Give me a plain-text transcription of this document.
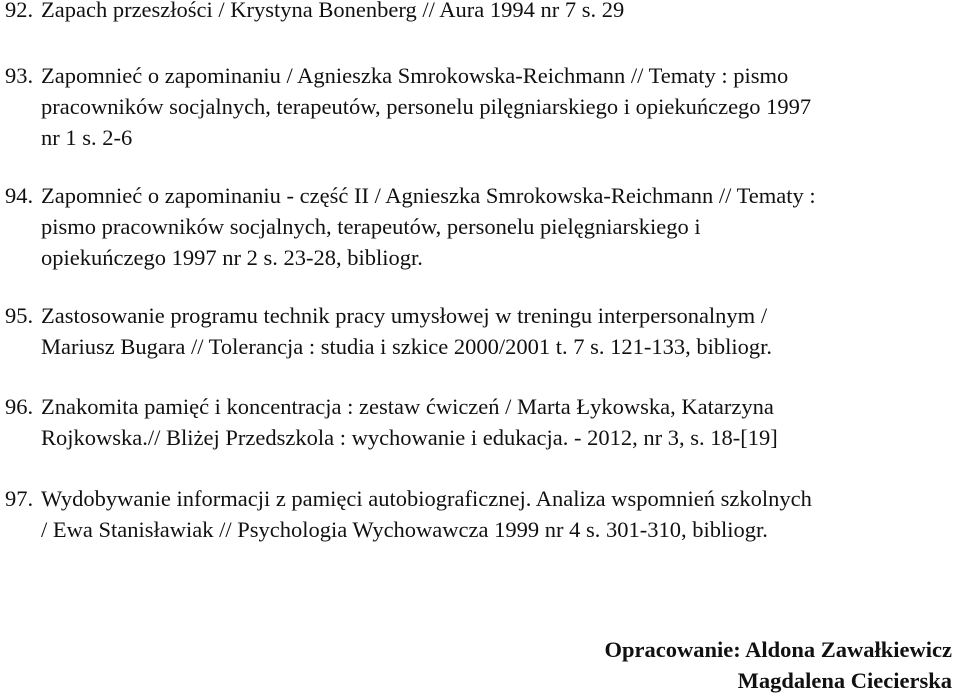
92. Zapach przeszłości / Krystyna Bonenberg // Aura 1994 nr 7 s. 29
93. Zapomnieć o zapominaniu / Agnieszka Smrokowska-Reichmann // Tematy : pismo
pracowników socjalnych, terapeutów, personelu pilęgniarskiego i opiekuńczego 1997
nr 1 s. 2-6
94. Zapomnieć o zapominaniu - część II / Agnieszka Smrokowska-Reichmann // Tematy :
pismo pracowników socjalnych, terapeutów, personelu pielęgniarskiego i
opiekuńczego 1997 nr 2 s. 23-28, bibliogr.
95. Zastosowanie programu technik pracy umysłowej w treningu interpersonalnym /
Mariusz Bugara // Tolerancja : studia i szkice 2000/2001 t. 7 s. 121-133, bibliogr.
96. Znakomita pamięć i koncentracja : zestaw ćwiczeń / Marta Łykowska, Katarzyna
Rojkowska.// Bliżej Przedszkola : wychowanie i edukacja. - 2012, nr 3, s. 18-[19]
97. Wydobywanie informacji z pamięci autobiograficznej. Analiza wspomnień szkolnych
/ Ewa Stanisławiak // Psychologia Wychowawcza 1999 nr 4 s. 301-310, bibliogr.
Opracowanie: Aldona Zawałkiewicz
Magdalena Ciecierska
